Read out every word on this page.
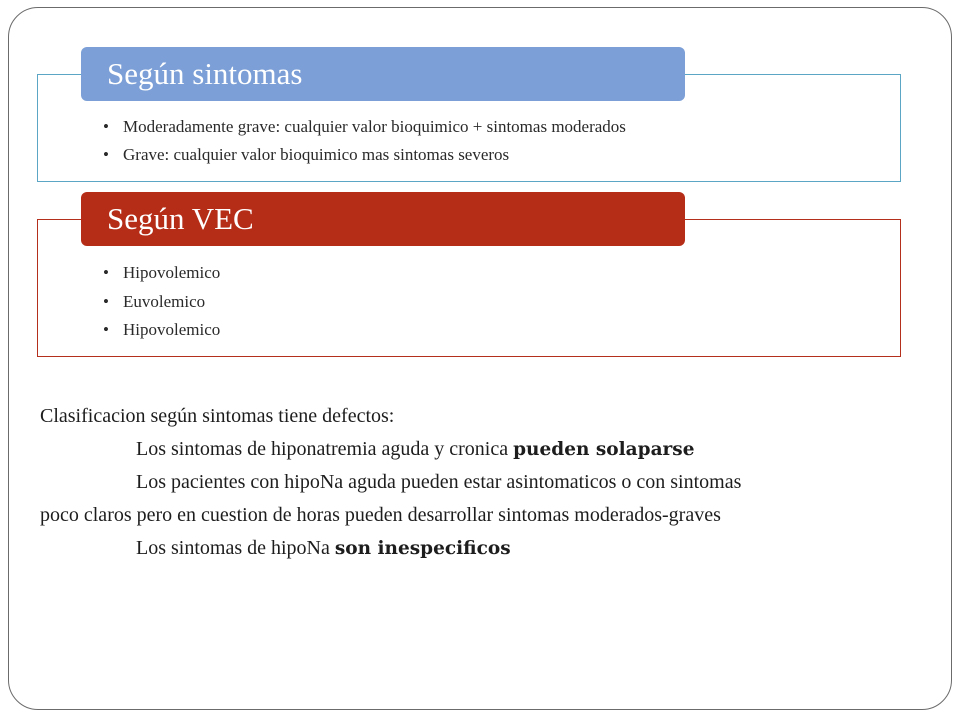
Según sintomas
• Moderadamente grave: cualquier valor bioquimico + sintomas moderados
• Grave: cualquier valor bioquimico mas sintomas severos
Según VEC
• Hipovolemico
• Euvolemico
• Hipovolemico
Clasificacion según sintomas tiene defectos:
Los sintomas de hiponatremia aguda y cronica pueden solaparse
Los pacientes con hipoNa aguda pueden estar asintomaticos o con sintomas
poco claros pero en cuestion de horas pueden desarrollar sintomas moderados-graves
Los sintomas de hipoNa son inespecificos
